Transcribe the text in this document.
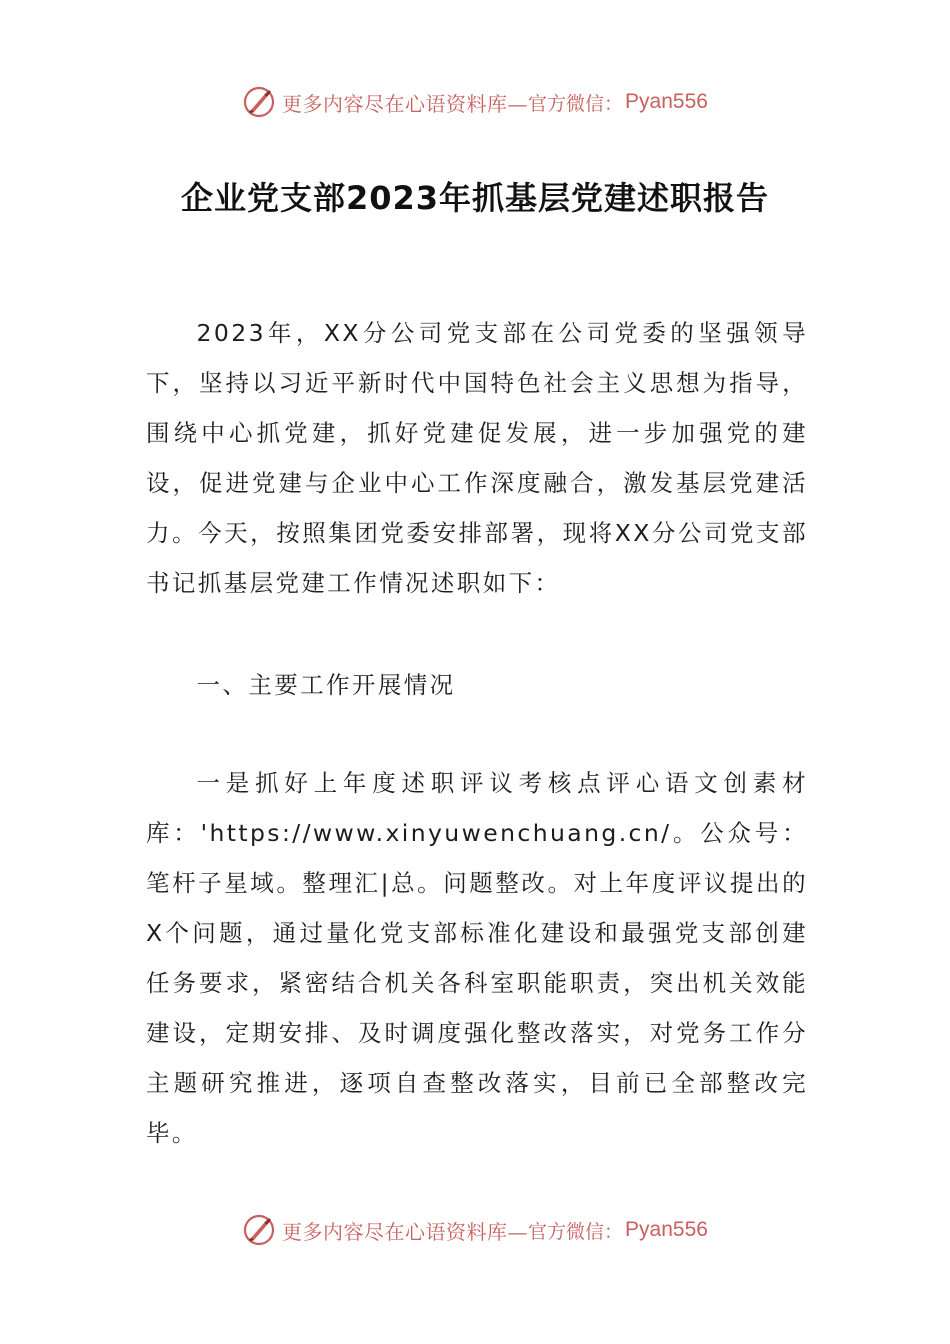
更多内容尽在心语资料库— 官方微信： Pyan556
企业党支部2023年抓基层党建述职报告

2023年，XX分公司党支部在公司党委的坚强领导下，坚持以习近平新时代中国特色社会主义思想为指导，围绕中心抓党建，抓好党建促发展，进一步加强党的建设，促进党建与企业中心工作深度融合，激发基层党建活力。今天，按照集团党委安排部署，现将XX分公司党支部书记抓基层党建工作情况述职如下：

一、主要工作开展情况

一是抓好上年度述职评议考核点评心语文创素材库：'https://www.xinyuwenchuang.cn/。公众号：笔杆子星域。整理汇|总。问题整改。对上年度评议提出的X个问题，通过量化党支部标准化建设和最强党支部创建任务要求，紧密结合机关各科室职能职责，突出机关效能建设，定期安排、及时调度强化整改落实，对党务工作分主题研究推进，逐项自查整改落实，目前已全部整改完毕。

更多内容尽在心语资料库— 官方微信： Pyan556
